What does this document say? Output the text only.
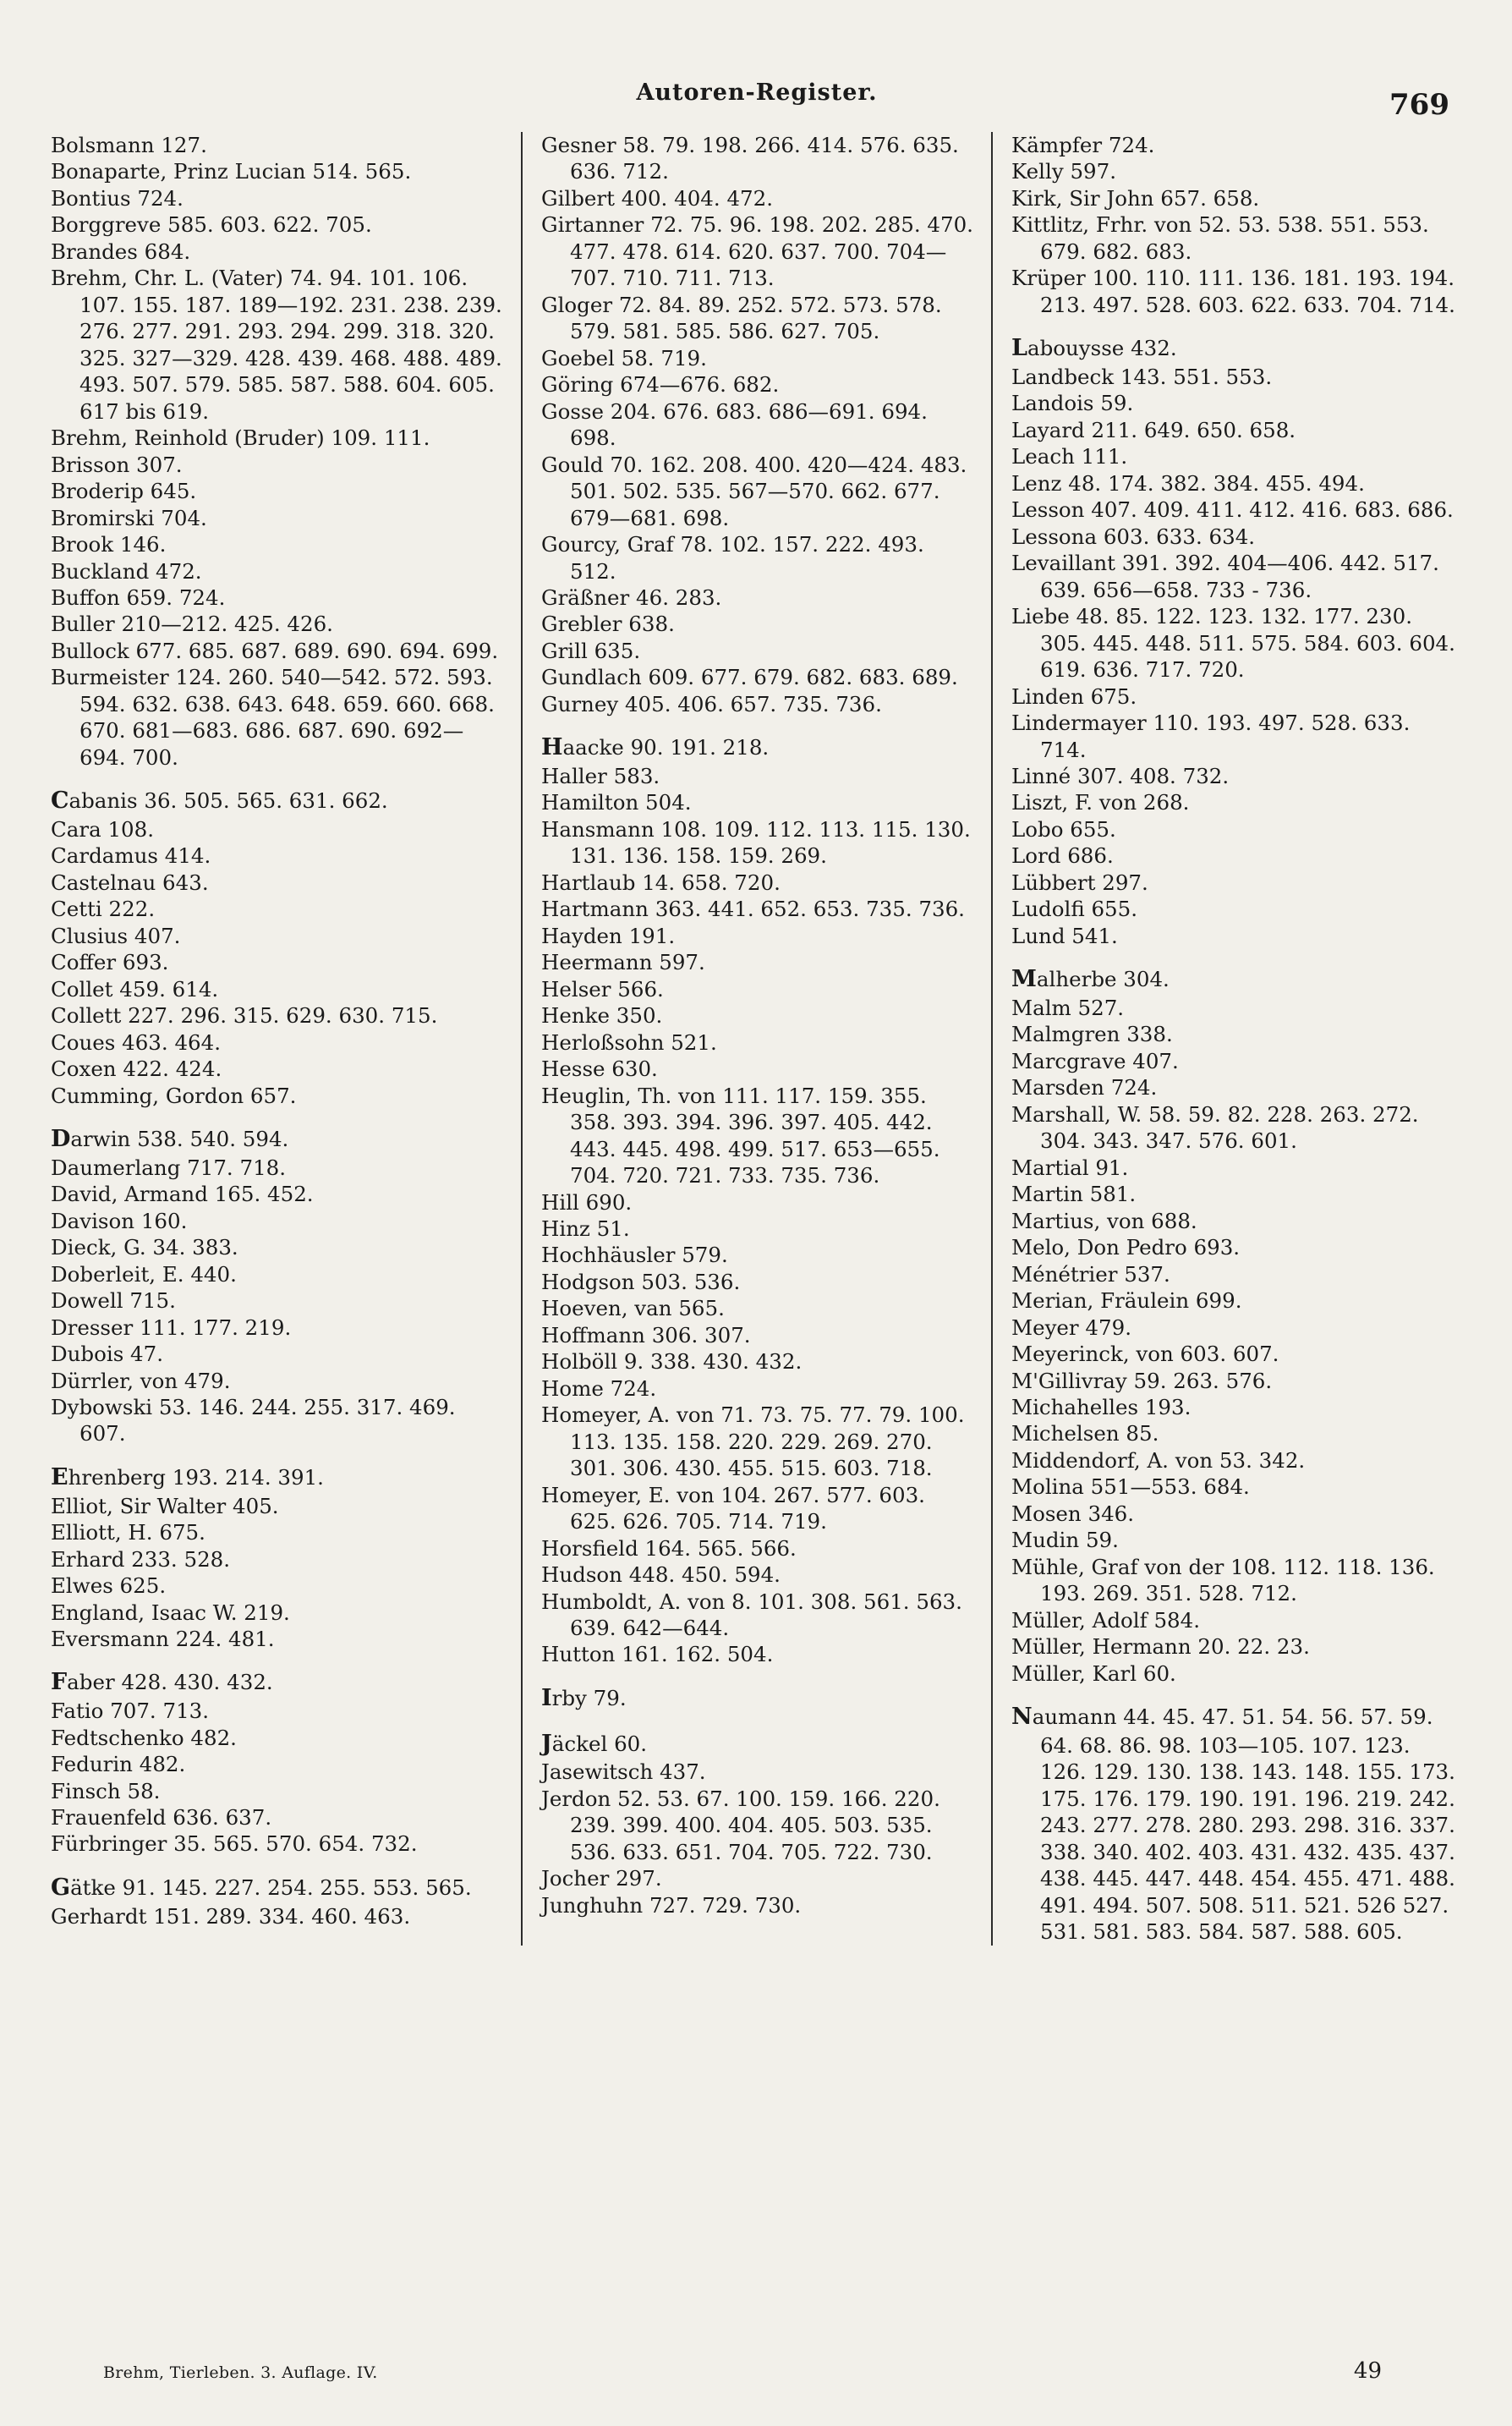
Autoren-Register.	769

Bolsmann 127.

Bonaparte, Prinz Lucian 514. 565.

Bontius 724.

Borggreve 585. 603. 622. 705.

Brandes 684.

Brehm, Chr. L. (Vater) 74. 94. 101. 106. 107. 155. 187. 189—192. 231. 238. 239. 276. 277. 291. 293. 294. 299. 318. 320. 325. 327—329. 428. 439. 468. 488. 489. 493. 507. 579. 585. 587. 588. 604. 605. 617 bis 619.

Brehm, Reinhold (Bruder) 109. 111.

Brisson 307.

Broderip 645.

Bromirski 704.

Brook 146.

Buckland 472.

Buffon 659. 724.

Buller 210—212. 425. 426.

Bullock 677. 685. 687. 689. 690. 694. 699.

Burmeister 124. 260. 540—542. 572. 593. 594. 632. 638. 643. 648. 659. 660. 668. 670. 681—683. 686. 687. 690. 692—694. 700.

Cabanis 36. 505. 565. 631. 662.

Cara 108.

Cardamus 414.

Castelnau 643.

Cetti 222.

Clusius 407.

Coffer 693.

Collet 459. 614.

Collett 227. 296. 315. 629. 630. 715.

Coues 463. 464.

Coxen 422. 424.

Cumming, Gordon 657.

Darwin 538. 540. 594.

Daumerlang 717. 718.

David, Armand 165. 452.

Davison 160.

Dieck, G. 34. 383.

Doberleit, E. 440.

Dowell 715.

Dresser 111. 177. 219.

Dubois 47.

Dürrler, von 479.

Dybowski 53. 146. 244. 255. 317. 469. 607.

Ehrenberg 193. 214. 391.

Elliot, Sir Walter 405.

Elliott, H. 675.

Erhard 233. 528.

Elwes 625.

England, Isaac W. 219.

Eversmann 224. 481.

Faber 428. 430. 432.

Fatio 707. 713.

Fedtschenko 482.

Fedurin 482.

Finsch 58.

Frauenfeld 636. 637.

Fürbringer 35. 565. 570. 654. 732.

Gätke 91. 145. 227. 254. 255. 553. 565.

Gerhardt 151. 289. 334. 460. 463.

Gesner 58. 79. 198. 266. 414. 576. 635. 636. 712.

Gilbert 400. 404. 472.

Girtanner 72. 75. 96. 198. 202. 285. 470. 477. 478. 614. 620. 637. 700. 704—707. 710. 711. 713.

Gloger 72. 84. 89. 252. 572. 573. 578. 579. 581. 585. 586. 627. 705.

Goebel 58. 719.

Göring 674—676. 682.

Gosse 204. 676. 683. 686—691. 694. 698.

Gould 70. 162. 208. 400. 420—424. 483. 501. 502. 535. 567—570. 662. 677. 679—681. 698.

Gourcy, Graf 78. 102. 157. 222. 493. 512.

Gräßner 46. 283.

Grebler 638.

Grill 635.

Gundlach 609. 677. 679. 682. 683. 689.

Gurney 405. 406. 657. 735. 736.

Haacke 90. 191. 218.

Haller 583.

Hamilton 504.

Hansmann 108. 109. 112. 113. 115. 130. 131. 136. 158. 159. 269.

Hartlaub 14. 658. 720.

Hartmann 363. 441. 652. 653. 735. 736.

Hayden 191.

Heermann 597.

Helser 566.

Henke 350.

Herloßsohn 521.

Hesse 630.

Heuglin, Th. von 111. 117. 159. 355. 358. 393. 394. 396. 397. 405. 442. 443. 445. 498. 499. 517. 653—655. 704. 720. 721. 733. 735. 736.

Hill 690.

Hinz 51.

Hochhäusler 579.

Hodgson 503. 536.

Hoeven, van 565.

Hoffmann 306. 307.

Holböll 9. 338. 430. 432.

Home 724.

Homeyer, A. von 71. 73. 75. 77. 79. 100. 113. 135. 158. 220. 229. 269. 270. 301. 306. 430. 455. 515. 603. 718.

Homeyer, E. von 104. 267. 577. 603. 625. 626. 705. 714. 719.

Horsfield 164. 565. 566.

Hudson 448. 450. 594.

Humboldt, A. von 8. 101. 308. 561. 563. 639. 642—644.

Hutton 161. 162. 504.

Irby 79.

Jäckel 60.

Jasewitsch 437.

Jerdon 52. 53. 67. 100. 159. 166. 220. 239. 399. 400. 404. 405. 503. 535. 536. 633. 651. 704. 705. 722. 730.

Jocher 297.

Junghuhn 727. 729. 730.

Kämpfer 724.

Kelly 597.

Kirk, Sir John 657. 658.

Kittlitz, Frhr. von 52. 53. 538. 551. 553. 679. 682. 683.

Krüper 100. 110. 111. 136. 181. 193. 194. 213. 497. 528. 603. 622. 633. 704. 714.

Labouysse 432.

Landbeck 143. 551. 553.

Landois 59.

Layard 211. 649. 650. 658.

Leach 111.

Lenz 48. 174. 382. 384. 455. 494.

Lesson 407. 409. 411. 412. 416. 683. 686.

Lessona 603. 633. 634.

Levaillant 391. 392. 404—406. 442. 517. 639. 656—658. 733 - 736.

Liebe 48. 85. 122. 123. 132. 177. 230. 305. 445. 448. 511. 575. 584. 603. 604. 619. 636. 717. 720.

Linden 675.

Lindermayer 110. 193. 497. 528. 633. 714.

Linné 307. 408. 732.

Liszt, F. von 268.

Lobo 655.

Lord 686.

Lübbert 297.

Ludolfi 655.

Lund 541.

Malherbe 304.

Malm 527.

Malmgren 338.

Marcgrave 407.

Marsden 724.

Marshall, W. 58. 59. 82. 228. 263. 272. 304. 343. 347. 576. 601.

Martial 91.

Martin 581.

Martius, von 688.

Melo, Don Pedro 693.

Ménétrier 537.

Merian, Fräulein 699.

Meyer 479.

Meyerinck, von 603. 607.

M'Gillivray 59. 263. 576.

Michahelles 193.

Michelsen 85.

Middendorf, A. von 53. 342.

Molina 551—553. 684.

Mosen 346.

Mudin 59.

Mühle, Graf von der 108. 112. 118. 136. 193. 269. 351. 528. 712.

Müller, Adolf 584.

Müller, Hermann 20. 22. 23.

Müller, Karl 60.

Naumann 44. 45. 47. 51. 54. 56. 57. 59. 64. 68. 86. 98. 103—105. 107. 123. 126. 129. 130. 138. 143. 148. 155. 173. 175. 176. 179. 190. 191. 196. 219. 242. 243. 277. 278. 280. 293. 298. 316. 337. 338. 340. 402. 403. 431. 432. 435. 437. 438. 445. 447. 448. 454. 455. 471. 488. 491. 494. 507. 508. 511. 521. 526 527. 531. 581. 583. 584. 587. 588. 605.

Brehm, Tierleben. 3. Auflage. IV.	49
